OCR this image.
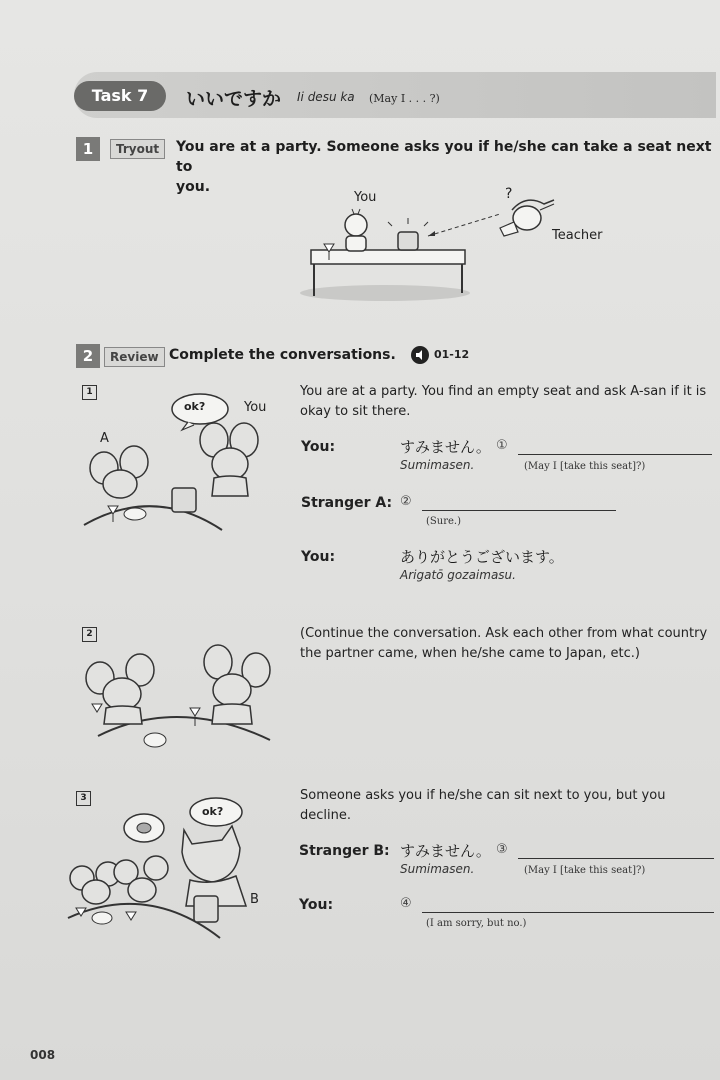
Task 7	いいですか Ii desu ka (May I . . . ?)
1	Tryout	You are at a party. Someone asks you if he/she can take a seat next to
you.
You	?
Teacher
2	Review Complete the conversations.	01-12
1	You are at a party. You find an empty seat and ask A-san if it is
okay to sit there.
ok?	You
A
You:	すみません。 ①
Sumimasen.	(May I [take this seat]?)
Stranger A: ②
(Sure.)
You:	ありがとうございます。
Arigatō gozaimasu.
2	(Continue the conversation. Ask each other from what country
the partner came, when he/she came to Japan, etc.)
3	Someone asks you if he/she can sit next to you, but you
decline.
ok?
B
Stranger B: すみません。 ③
Sumimasen.	(May I [take this seat]?)
You:	④
(I am sorry, but no.)
008
